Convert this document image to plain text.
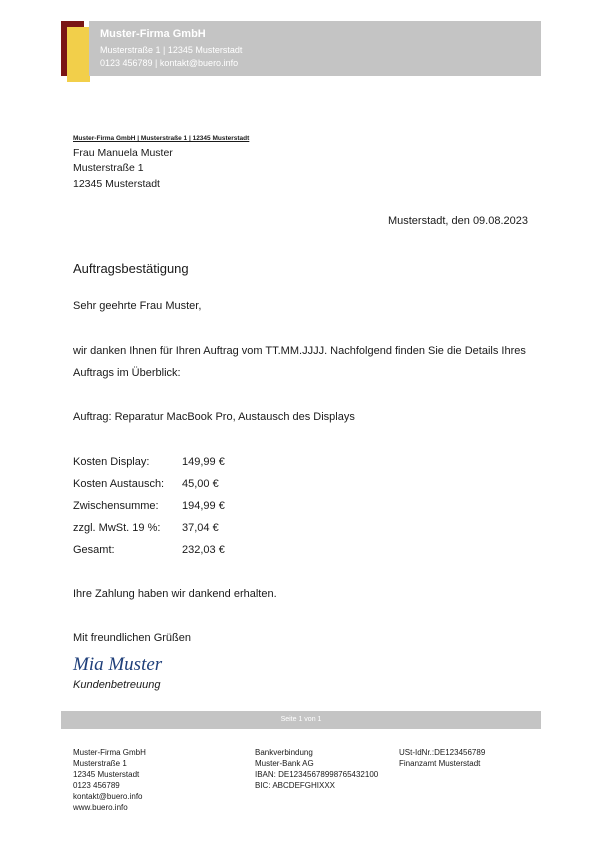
Muster-Firma GmbH
Musterstraße 1 | 12345 Musterstadt
0123 456789 | kontakt@buero.info
Muster-Firma GmbH | Musterstraße 1 | 12345 Musterstadt
Frau Manuela Muster
Musterstraße 1
12345 Musterstadt
Musterstadt, den 09.08.2023
Auftragsbestätigung
Sehr geehrte Frau Muster,
wir danken Ihnen für Ihren Auftrag vom TT.MM.JJJJ. Nachfolgend finden Sie die Details Ihres Auftrags im Überblick:
Auftrag: Reparatur MacBook Pro, Austausch des Displays
Kosten Display:	149,99 €
Kosten Austausch: 45,00 €
Zwischensumme: 194,99 €
zzgl. MwSt. 19 %: 37,04 €
Gesamt:	232,03 €
Ihre Zahlung haben wir dankend erhalten.
Mit freundlichen Grüßen
Mia Muster
Kundenbetreuung
Seite 1 von 1
Muster-Firma GmbH
Musterstraße 1
12345 Musterstadt
0123 456789
kontakt@buero.info
www.buero.info
Bankverbindung
Muster-Bank AG
IBAN: DE12345678998765432100
BIC: ABCDEFGHIXXX
USt-IdNr.:DE123456789
Finanzamt Musterstadt
